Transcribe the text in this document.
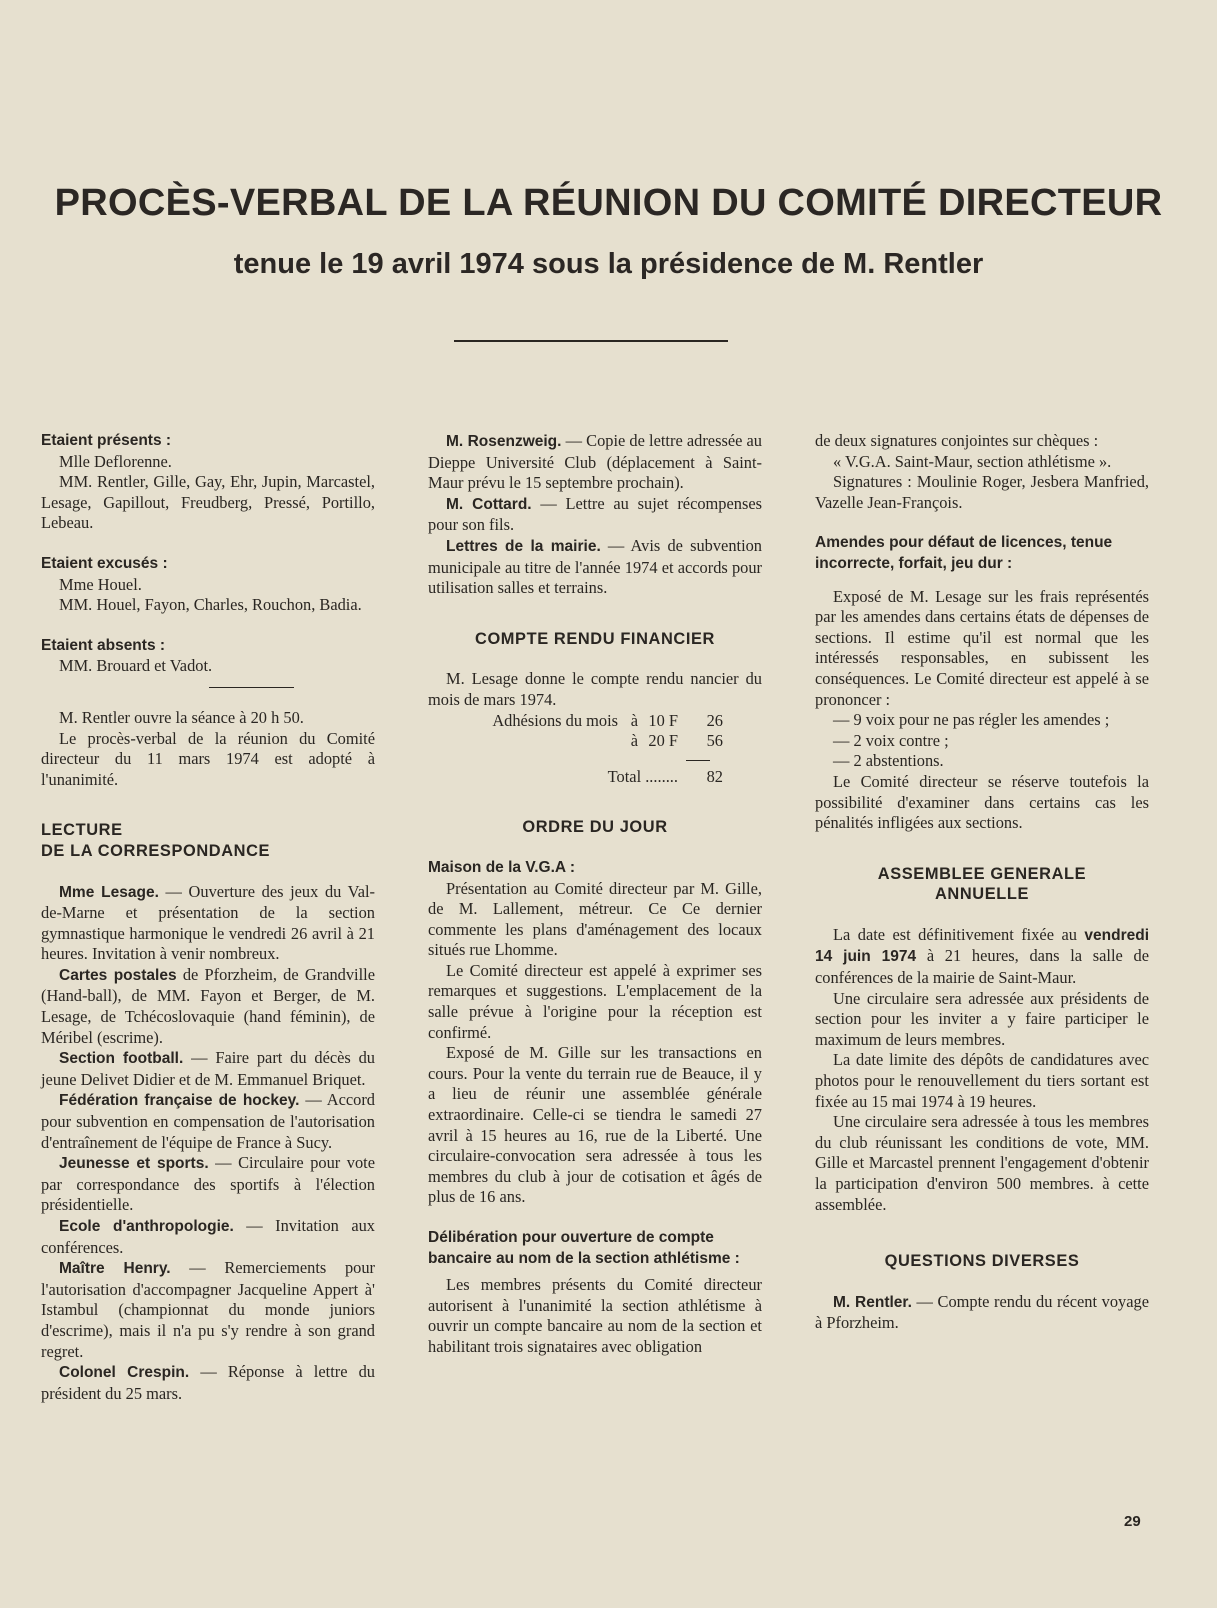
PROCÈS-VERBAL DE LA RÉUNION DU COMITÉ DIRECTEUR
tenue le 19 avril 1974 sous la présidence de M. Rentler

Etaient présents :

Mlle Deflorenne.

MM. Rentler, Gille, Gay, Ehr, Jupin, Marcastel, Lesage, Gapillout, Freudberg, Pressé, Portillo, Lebeau.

Etaient excusés :

Mme Houel.

MM. Houel, Fayon, Charles, Rouchon, Badia.

Etaient absents :

MM. Brouard et Vadot.

M. Rentler ouvre la séance à 20 h 50.

Le procès-verbal de la réunion du Comité directeur du 11 mars 1974 est adopté à l'unanimité.

LECTURE
DE LA CORRESPONDANCE

Mme Lesage. — Ouverture des jeux du Val-de-Marne et présentation de la section gymnastique harmonique le vendredi 26 avril à 21 heures. Invitation à venir nombreux.

Cartes postales de Pforzheim, de Grandville (Hand-ball), de MM. Fayon et Berger, de M. Lesage, de Tchécoslovaquie (hand féminin), de Méribel (escrime).

Section football. — Faire part du décès du jeune Delivet Didier et de M. Emmanuel Briquet.

Fédération française de hockey. — Accord pour subvention en compensation de l'autorisation d'entraînement de l'équipe de France à Sucy.

Jeunesse et sports. — Circulaire pour vote par correspondance des sportifs à l'élection présidentielle.

Ecole d'anthropologie. — Invitation aux conférences.

Maître Henry. — Remerciements pour l'autorisation d'accompagner Jacqueline Appert à' Istambul (championnat du monde juniors d'escrime), mais il n'a pu s'y rendre à son grand regret.

Colonel Crespin. — Réponse à lettre du président du 25 mars.

M. Rosenzweig. — Copie de lettre adressée au Dieppe Université Club (déplacement à Saint-Maur prévu le 15 septembre prochain).

M. Cottard. — Lettre au sujet récompenses pour son fils.

Lettres de la mairie. — Avis de subvention municipale au titre de l'année 1974 et accords pour utilisation salles et terrains.

COMPTE RENDU FINANCIER

M. Lesage donne le compte rendu nancier du mois de mars 1974.

Adhésions du mois à 10 F	26
à 20 F	56
Total ........	82

ORDRE DU JOUR

Maison de la V.G.A :

Présentation au Comité directeur par M. Gille, de M. Lallement, métreur. Ce Ce dernier commente les plans d'aménagement des locaux situés rue Lhomme.

Le Comité directeur est appelé à exprimer ses remarques et suggestions. L'emplacement de la salle prévue à l'origine pour la réception est confirmé.

Exposé de M. Gille sur les transactions en cours. Pour la vente du terrain rue de Beauce, il y a lieu de réunir une assemblée générale extraordinaire. Celle-ci se tiendra le samedi 27 avril à 15 heures au 16, rue de la Liberté. Une circulaire-convocation sera adressée à tous les membres du club à jour de cotisation et âgés de plus de 16 ans.

Délibération pour ouverture de compte bancaire au nom de la section athlétisme :

Les membres présents du Comité directeur autorisent à l'unanimité la section athlétisme à ouvrir un compte bancaire au nom de la section et habilitant trois signataires avec obligation

de deux signatures conjointes sur chèques :

« V.G.A. Saint-Maur, section athlétisme ».

Signatures : Moulinie Roger, Jesbera Manfried, Vazelle Jean-François.

Amendes pour défaut de licences, tenue incorrecte, forfait, jeu dur :

Exposé de M. Lesage sur les frais représentés par les amendes dans certains états de dépenses de sections. Il estime qu'il est normal que les intéressés responsables, en subissent les conséquences. Le Comité directeur est appelé à se prononcer :

— 9 voix pour ne pas régler les amendes ;

— 2 voix contre ;

— 2 abstentions.

Le Comité directeur se réserve toutefois la possibilité d'examiner dans certains cas les pénalités infligées aux sections.

ASSEMBLEE GENERALE
ANNUELLE

La date est définitivement fixée au vendredi 14 juin 1974 à 21 heures, dans la salle de conférences de la mairie de Saint-Maur.

Une circulaire sera adressée aux présidents de section pour les inviter a y faire participer le maximum de leurs membres.

La date limite des dépôts de candidatures avec photos pour le renouvellement du tiers sortant est fixée au 15 mai 1974 à 19 heures.

Une circulaire sera adressée à tous les membres du club réunissant les conditions de vote, MM. Gille et Marcastel prennent l'engagement d'obtenir la participation d'environ 500 membres. à cette assemblée.

QUESTIONS DIVERSES

M. Rentler. — Compte rendu du récent voyage à Pforzheim.

29
